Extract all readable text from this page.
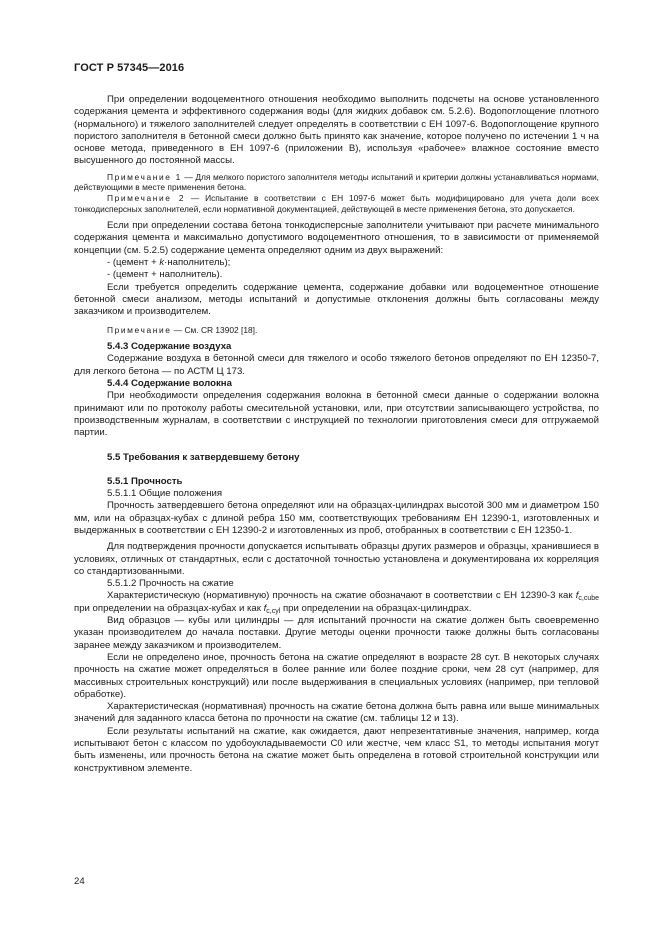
ГОСТ Р 57345—2016

При определении водоцементного отношения необходимо выполнить подсчеты на основе установленного содержания цемента и эффективного содержания воды (для жидких добавок см. 5.2.6). Водопоглощение плотного (нормального) и тяжелого заполнителей следует определять в соответствии с ЕН 1097-6. Водопоглощение крупного пористого заполнителя в бетонной смеси должно быть принято как значение, которое получено по истечении 1 ч на основе метода, приведенного в ЕН 1097-6 (приложении В), используя «рабочее» влажное состояние вместо высушенного до постоянной массы.

Примечание 1 — Для мелкого пористого заполнителя методы испытаний и критерии должны устанавливаться нормами, действующими в месте применения бетона.

Примечание 2 — Испытание в соответствии с ЕН 1097-6 может быть модифицировано для учета доли всех тонкодисперсных заполнителей, если нормативной документацией, действующей в месте применения бетона, это допускается.

Если при определении состава бетона тонкодисперсные заполнители учитывают при расчете минимального содержания цемента и максимально допустимого водоцементного отношения, то в зависимости от применяемой концепции (см. 5.2.5) содержание цемента определяют одним из двух выражений:

- (цемент + k·наполнитель);

- (цемент + наполнитель).

Если требуется определить содержание цемента, содержание добавки или водоцементное отношение бетонной смеси анализом, методы испытаний и допустимые отклонения должны быть согласованы между заказчиком и производителем.

Примечание — См. CR 13902 [18].

5.4.3 Содержание воздуха

Содержание воздуха в бетонной смеси для тяжелого и особо тяжелого бетонов определяют по ЕН 12350-7, для легкого бетона — по АСТМ Ц 173.

5.4.4 Содержание волокна

При необходимости определения содержания волокна в бетонной смеси данные о содержании волокна принимают или по протоколу работы смесительной установки, или, при отсутствии записывающего устройства, по производственным журналам, в соответствии с инструкцией по технологии приготовления смеси для отгружаемой партии.

5.5 Требования к затвердевшему бетону
5.5.1 Прочность

5.5.1.1 Общие положения

Прочность затвердевшего бетона определяют или на образцах-цилиндрах высотой 300 мм и диаметром 150 мм, или на образцах-кубах с длиной ребра 150 мм, соответствующих требованиям ЕН 12390-1, изготовленных и выдержанных в соответствии с ЕН 12390-2 и изготовленных из проб, отобранных в соответствии с ЕН 12350-1.

Для подтверждения прочности допускается испытывать образцы других размеров и образцы, хранившиеся в условиях, отличных от стандартных, если с достаточной точностью установлена и документирована их корреляция со стандартизованными.

5.5.1.2 Прочность на сжатие

Характеристическую (нормативную) прочность на сжатие обозначают в соответствии с ЕН 12390-3 как $f_{c,cube}$ при определении на образцах-кубах и как $f_{c,cyl}$ при определении на образцах-цилиндрах.

Вид образцов — кубы или цилиндры — для испытаний прочности на сжатие должен быть своевременно указан производителем до начала поставки. Другие методы оценки прочности также должны быть согласованы заранее между заказчиком и производителем.

Если не определено иное, прочность бетона на сжатие определяют в возрасте 28 сут. В некоторых случаях прочность на сжатие может определяться в более ранние или более поздние сроки, чем 28 сут (например, для массивных строительных конструкций) или после выдерживания в специальных условиях (например, при тепловой обработке).

Характеристическая (нормативная) прочность на сжатие бетона должна быть равна или выше минимальных значений для заданного класса бетона по прочности на сжатие (см. таблицы 12 и 13).

Если результаты испытаний на сжатие, как ожидается, дают непрезентативные значения, например, когда испытывают бетон с классом по удобоукладываемости С0 или жестче, чем класс S1, то методы испытания могут быть изменены, или прочность бетона на сжатие может быть определена в готовой строительной конструкции или конструктивном элементе.

24
